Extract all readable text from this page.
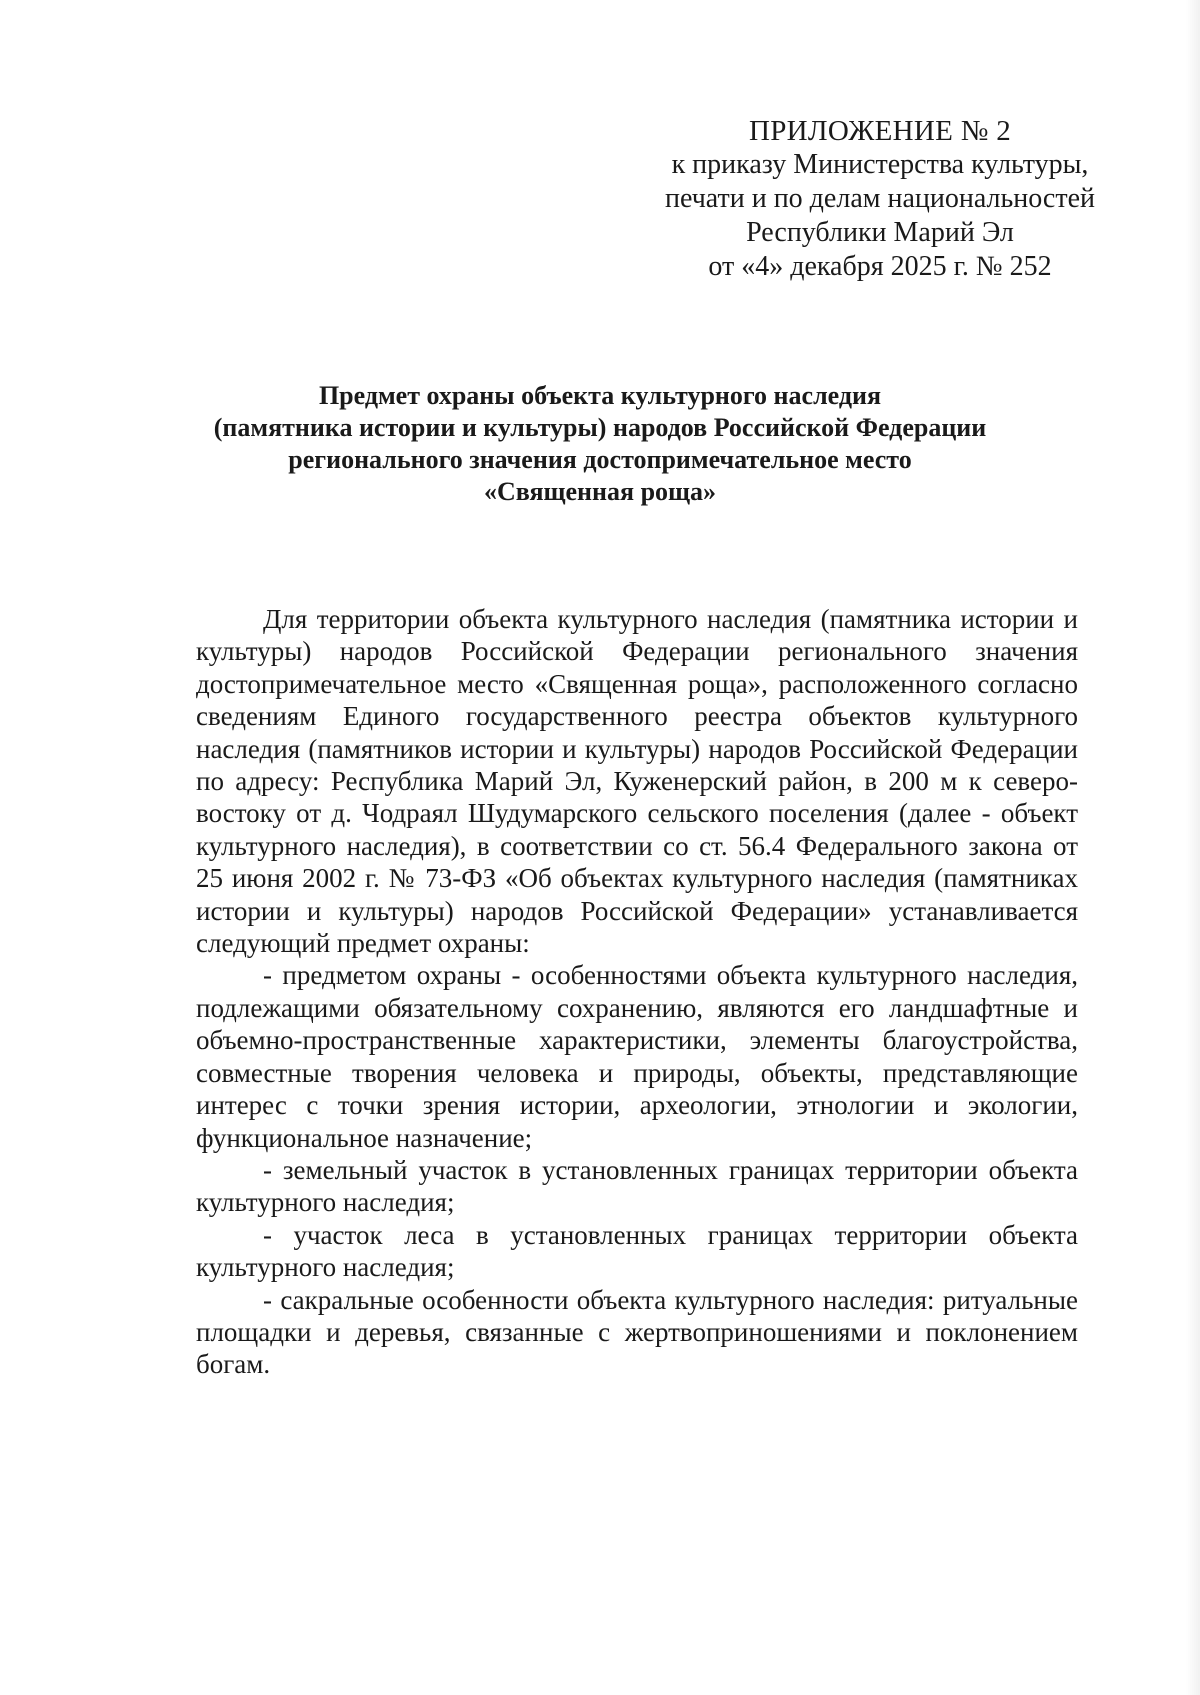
ПРИЛОЖЕНИЕ № 2
к приказу Министерства культуры,
печати и по делам национальностей
Республики Марий Эл
от «4» декабря 2025 г. № 252
Предмет охраны объекта культурного наследия
(памятника истории и культуры) народов Российской Федерации
регионального значения достопримечательное место
«Священная роща»

Для территории объекта культурного наследия (памятника истории и культуры) народов Российской Федерации регионального значения достопримечательное место «Священная роща», расположенного согласно сведениям Единого государственного реестра объектов культурного наследия (памятников истории и культуры) народов Российской Федерации по адресу: Республика Марий Эл, Куженерский район, в 200 м к северо-востоку от д. Чодраял Шудумарского сельского поселения (далее - объект культурного наследия), в соответствии со ст. 56.4 Федерального закона от 25 июня 2002 г. № 73-ФЗ «Об объектах культурного наследия (памятниках истории и культуры) народов Российской Федерации» устанавливается следующий предмет охраны:

- предметом охраны - особенностями объекта культурного наследия, подлежащими обязательному сохранению, являются его ландшафтные и объемно-пространственные характеристики, элементы благоустройства, совместные творения человека и природы, объекты, представляющие интерес с точки зрения истории, археологии, этнологии и экологии, функциональное назначение;

- земельный участок в установленных границах территории объекта культурного наследия;

- участок леса в установленных границах территории объекта культурного наследия;

- сакральные особенности объекта культурного наследия: ритуальные площадки и деревья, связанные с жертвоприношениями и поклонением богам.
